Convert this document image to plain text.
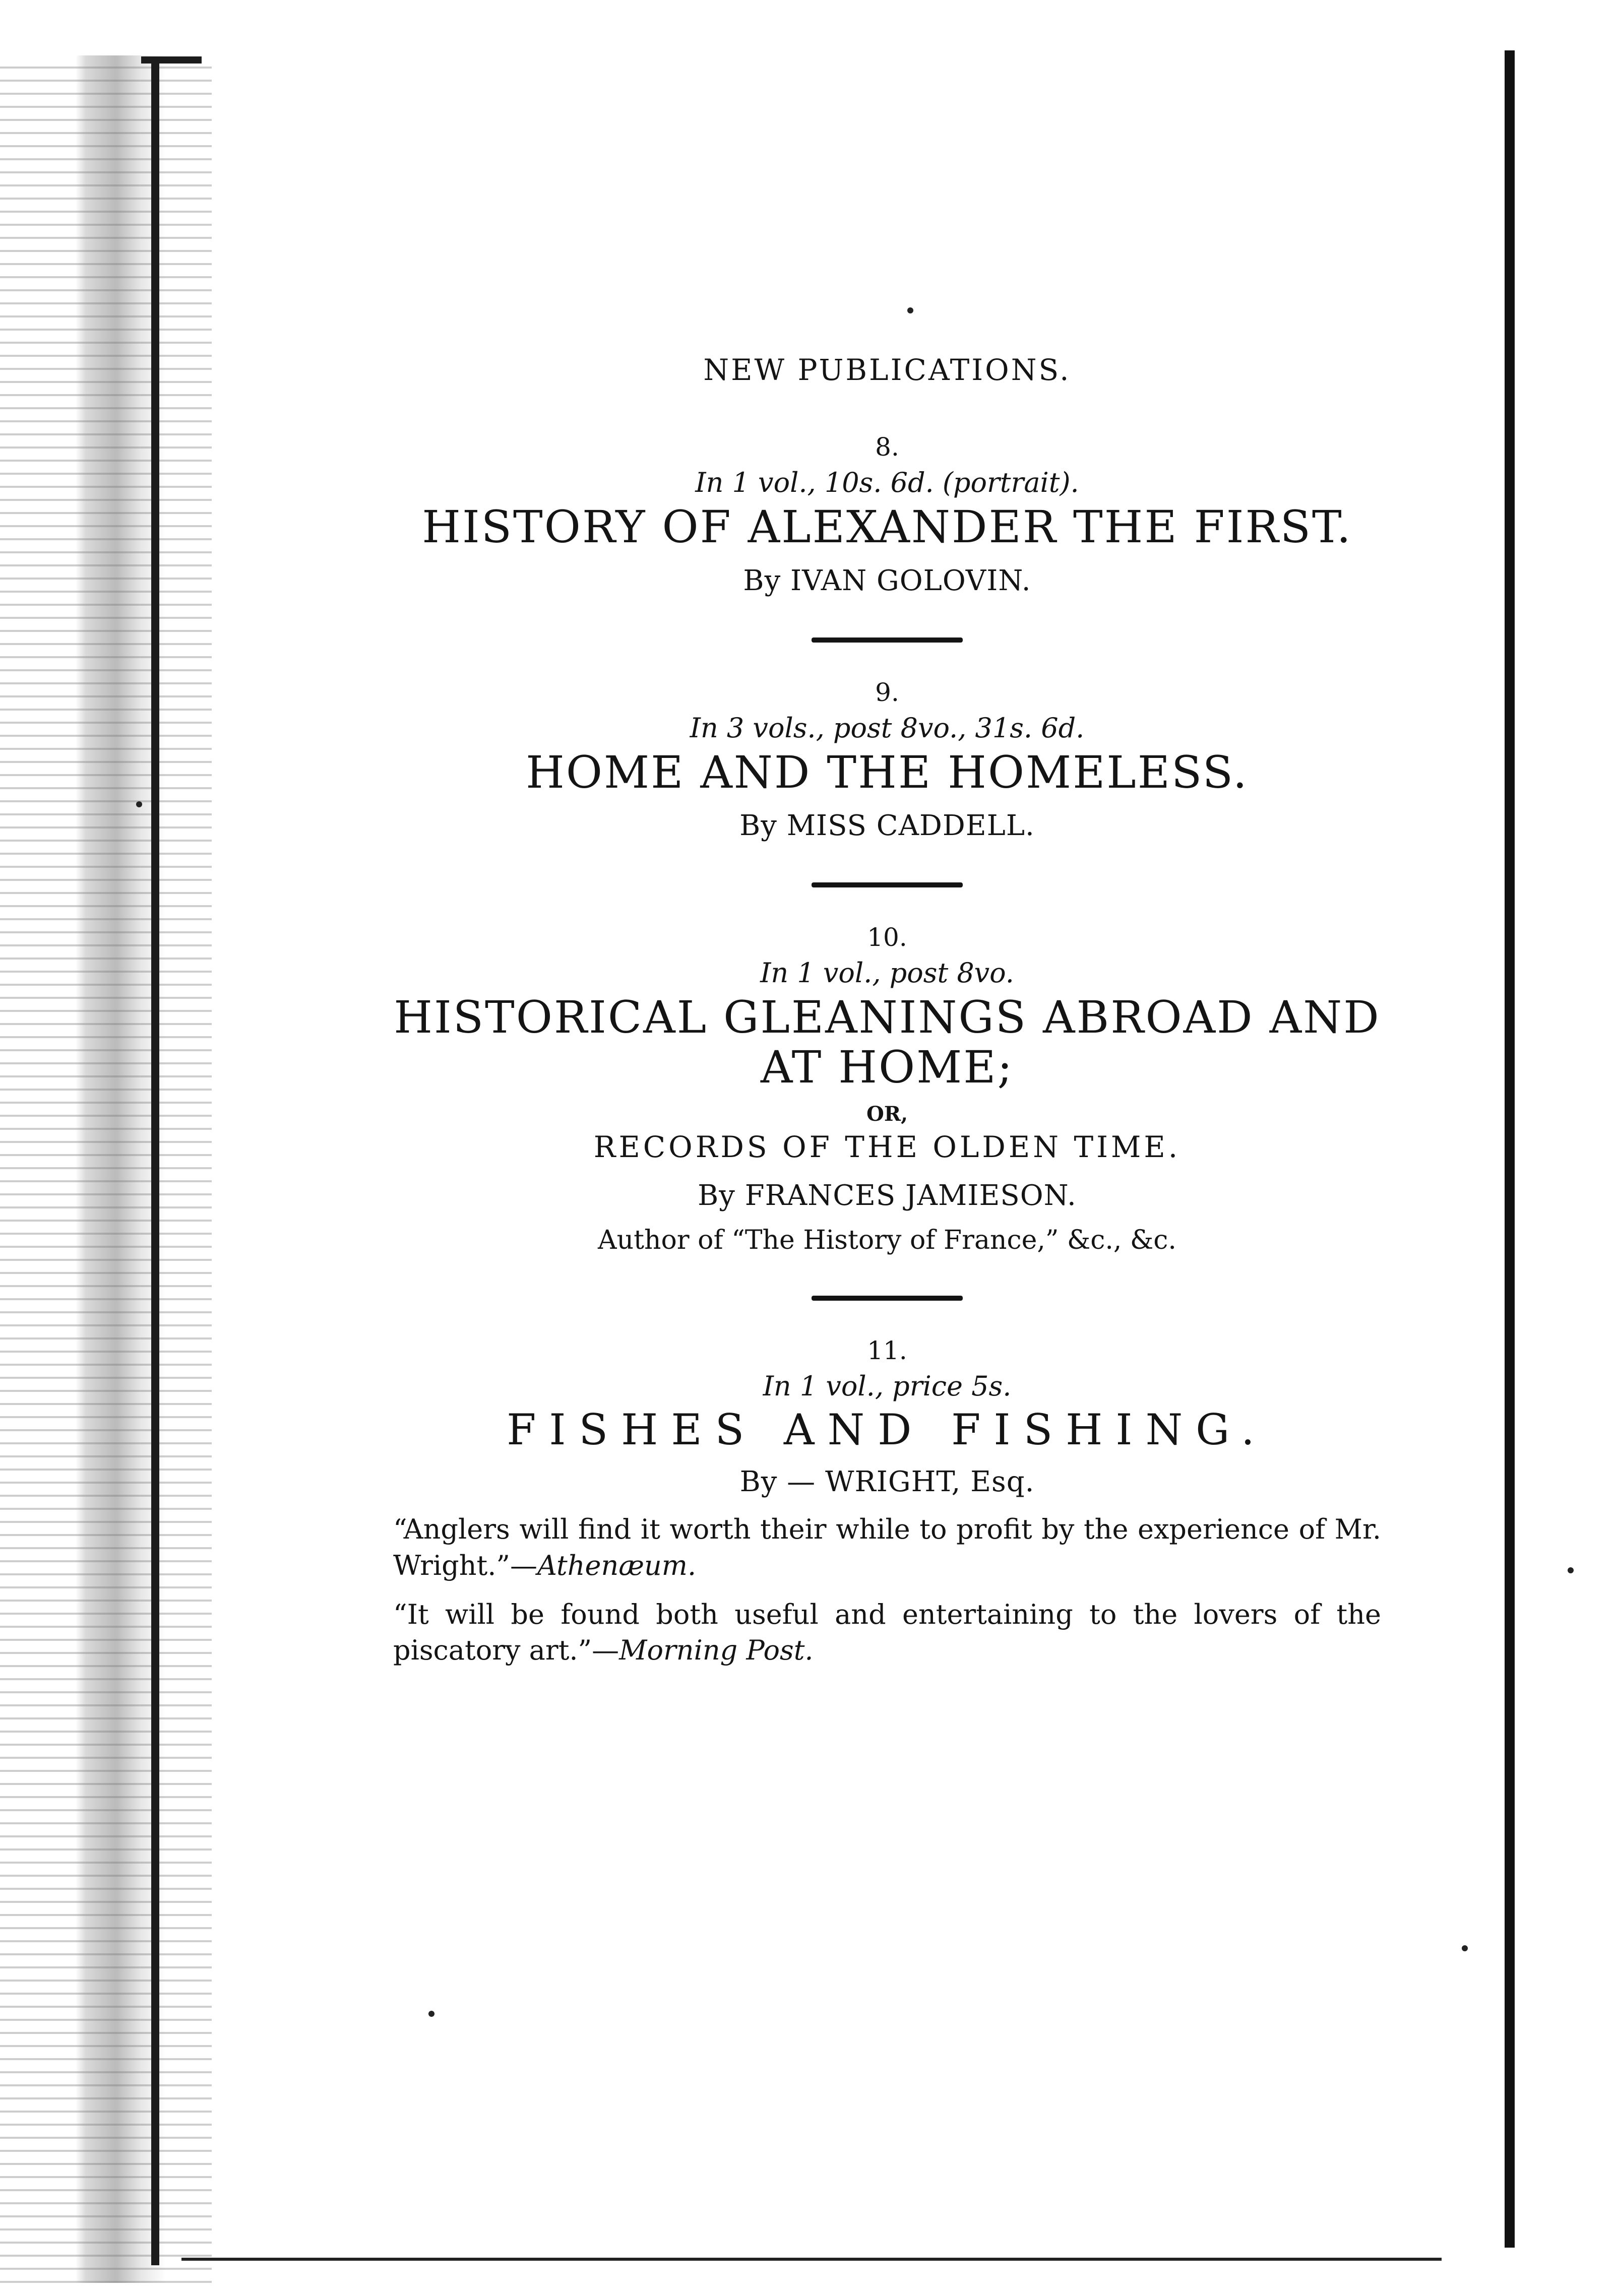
NEW PUBLICATIONS.

8.

In 1 vol., 10s. 6d. (portrait).

HISTORY OF ALEXANDER THE FIRST.

By IVAN GOLOVIN.

9.

In 3 vols., post 8vo., 31s. 6d.

HOME AND THE HOMELESS.

By MISS CADDELL.

10.

In 1 vol., post 8vo.

HISTORICAL GLEANINGS ABROAD AND

AT HOME;

OR,

RECORDS OF THE OLDEN TIME.

By FRANCES JAMIESON.

Author of “The History of France,” &c., &c.

11.

In 1 vol., price 5s.

FISHES AND FISHING.

By — WRIGHT, Esq.

“Anglers will find it worth their while to profit by the experience of Mr. Wright.”—Athenæum.

“It will be found both useful and entertaining to the lovers of the piscatory art.”—Morning Post.
